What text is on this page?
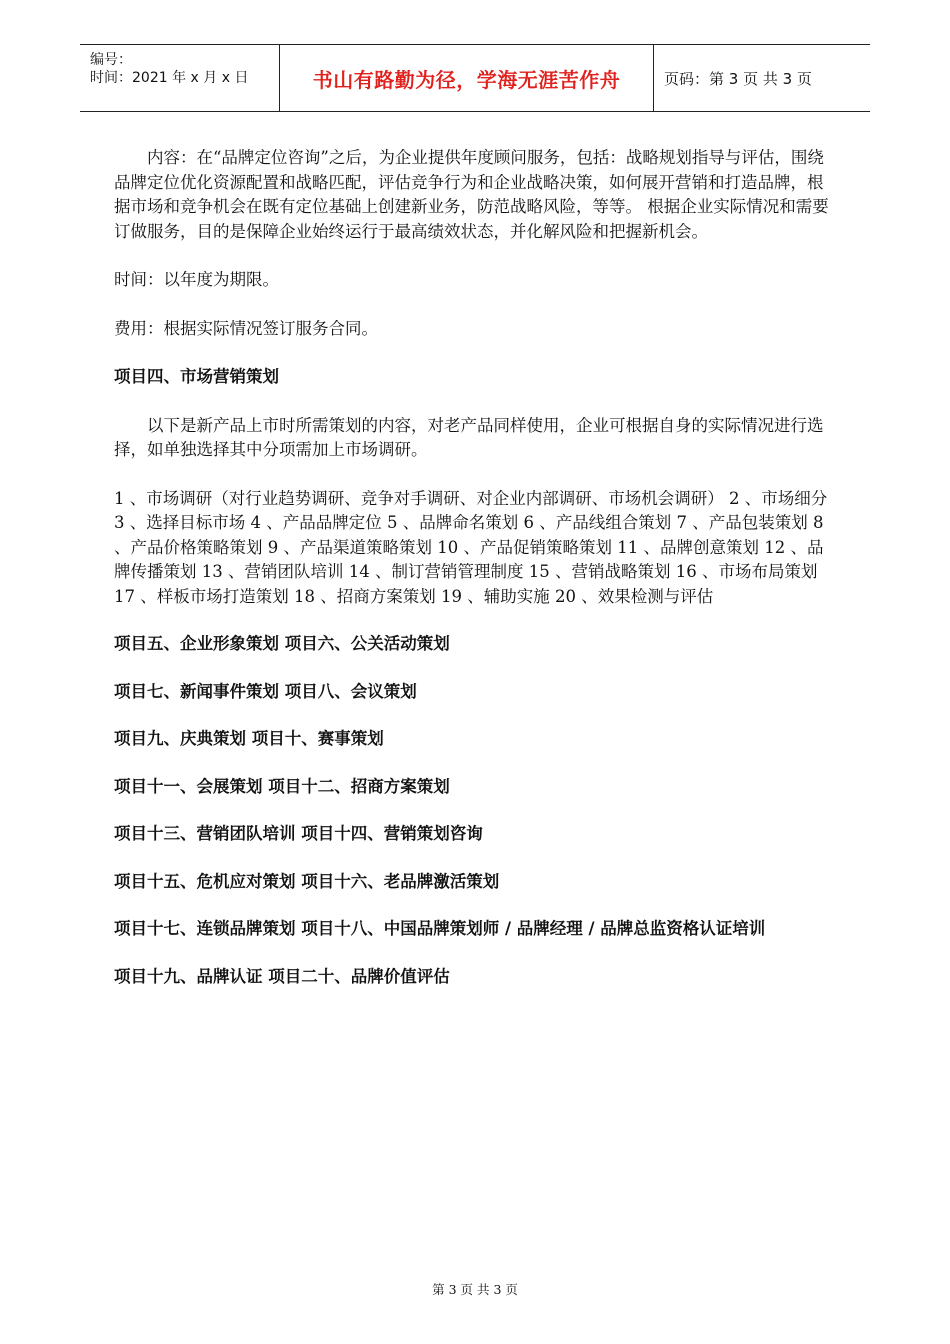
编号：
时间：2021 年 x 月 x 日	书山有路勤为径，学海无涯苦作舟	页码：第 3 页 共 3 页

内容：在“品牌定位咨询”之后，为企业提供年度顾问服务，包括：战略规划指导与评估，围绕品牌定位优化资源配置和战略匹配，评估竞争行为和企业战略决策，如何展开营销和打造品牌，根据市场和竞争机会在既有定位基础上创建新业务，防范战略风险，等等。 根据企业实际情况和需要订做服务，目的是保障企业始终运行于最高绩效状态，并化解风险和把握新机会。

时间：以年度为期限。

费用：根据实际情况签订服务合同。

项目四、市场营销策划

以下是新产品上市时所需策划的内容，对老产品同样使用，企业可根据自身的实际情况进行选择，如单独选择其中分项需加上市场调研。

1 、市场调研（对行业趋势调研、竞争对手调研、对企业内部调研、市场机会调研） 2 、市场细分 3 、选择目标市场 4 、产品品牌定位 5 、品牌命名策划 6 、产品线组合策划 7 、产品包装策划 8 、产品价格策略策划 9 、产品渠道策略策划 10 、产品促销策略策划 11 、品牌创意策划 12 、品牌传播策划 13 、营销团队培训 14 、制订营销管理制度 15 、营销战略策划 16 、市场布局策划 17 、样板市场打造策划 18 、招商方案策划 19 、辅助实施 20 、效果检测与评估

项目五、企业形象策划 项目六、公关活动策划

项目七、新闻事件策划 项目八、会议策划

项目九、庆典策划 项目十、赛事策划

项目十一、会展策划 项目十二、招商方案策划

项目十三、营销团队培训 项目十四、营销策划咨询

项目十五、危机应对策划 项目十六、老品牌激活策划

项目十七、连锁品牌策划 项目十八、中国品牌策划师 / 品牌经理 / 品牌总监资格认证培训

项目十九、品牌认证 项目二十、品牌价值评估

第 3 页 共 3 页
